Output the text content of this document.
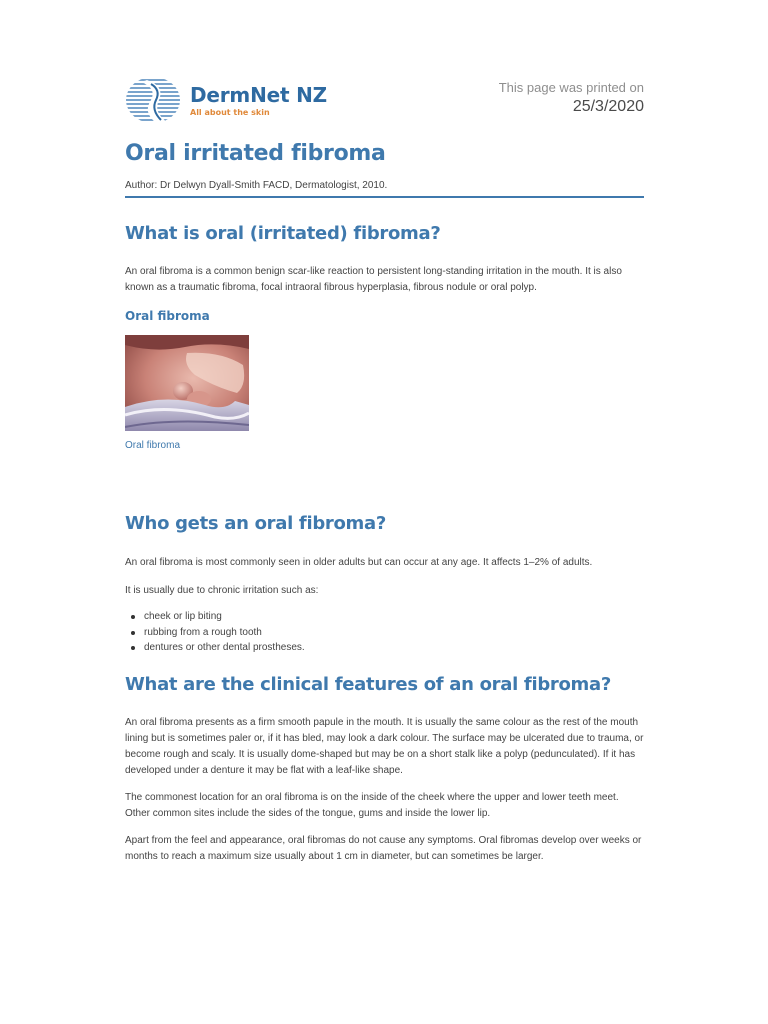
DermNet NZ
All about the skin
This page was printed on
25/3/2020
Oral irritated fibroma
Author: Dr Delwyn Dyall-Smith FACD, Dermatologist, 2010.
What is oral (irritated) fibroma?

An oral fibroma is a common benign scar-like reaction to persistent long-standing irritation in the mouth. It is also known as a traumatic fibroma, focal intraoral fibrous hyperplasia, fibrous nodule or oral polyp.

Oral fibroma
Oral fibroma
Who gets an oral fibroma?

An oral fibroma is most commonly seen in older adults but can occur at any age. It affects 1–2% of adults.

It is usually due to chronic irritation such as:

cheek or lip biting
rubbing from a rough tooth
dentures or other dental prostheses.
What are the clinical features of an oral fibroma?

An oral fibroma presents as a firm smooth papule in the mouth. It is usually the same colour as the rest of the mouth lining but is sometimes paler or, if it has bled, may look a dark colour. The surface may be ulcerated due to trauma, or become rough and scaly. It is usually dome-shaped but may be on a short stalk like a polyp (pedunculated). If it has developed under a denture it may be flat with a leaf-like shape.

The commonest location for an oral fibroma is on the inside of the cheek where the upper and lower teeth meet. Other common sites include the sides of the tongue, gums and inside the lower lip.

Apart from the feel and appearance, oral fibromas do not cause any symptoms. Oral fibromas develop over weeks or months to reach a maximum size usually about 1 cm in diameter, but can sometimes be larger.
